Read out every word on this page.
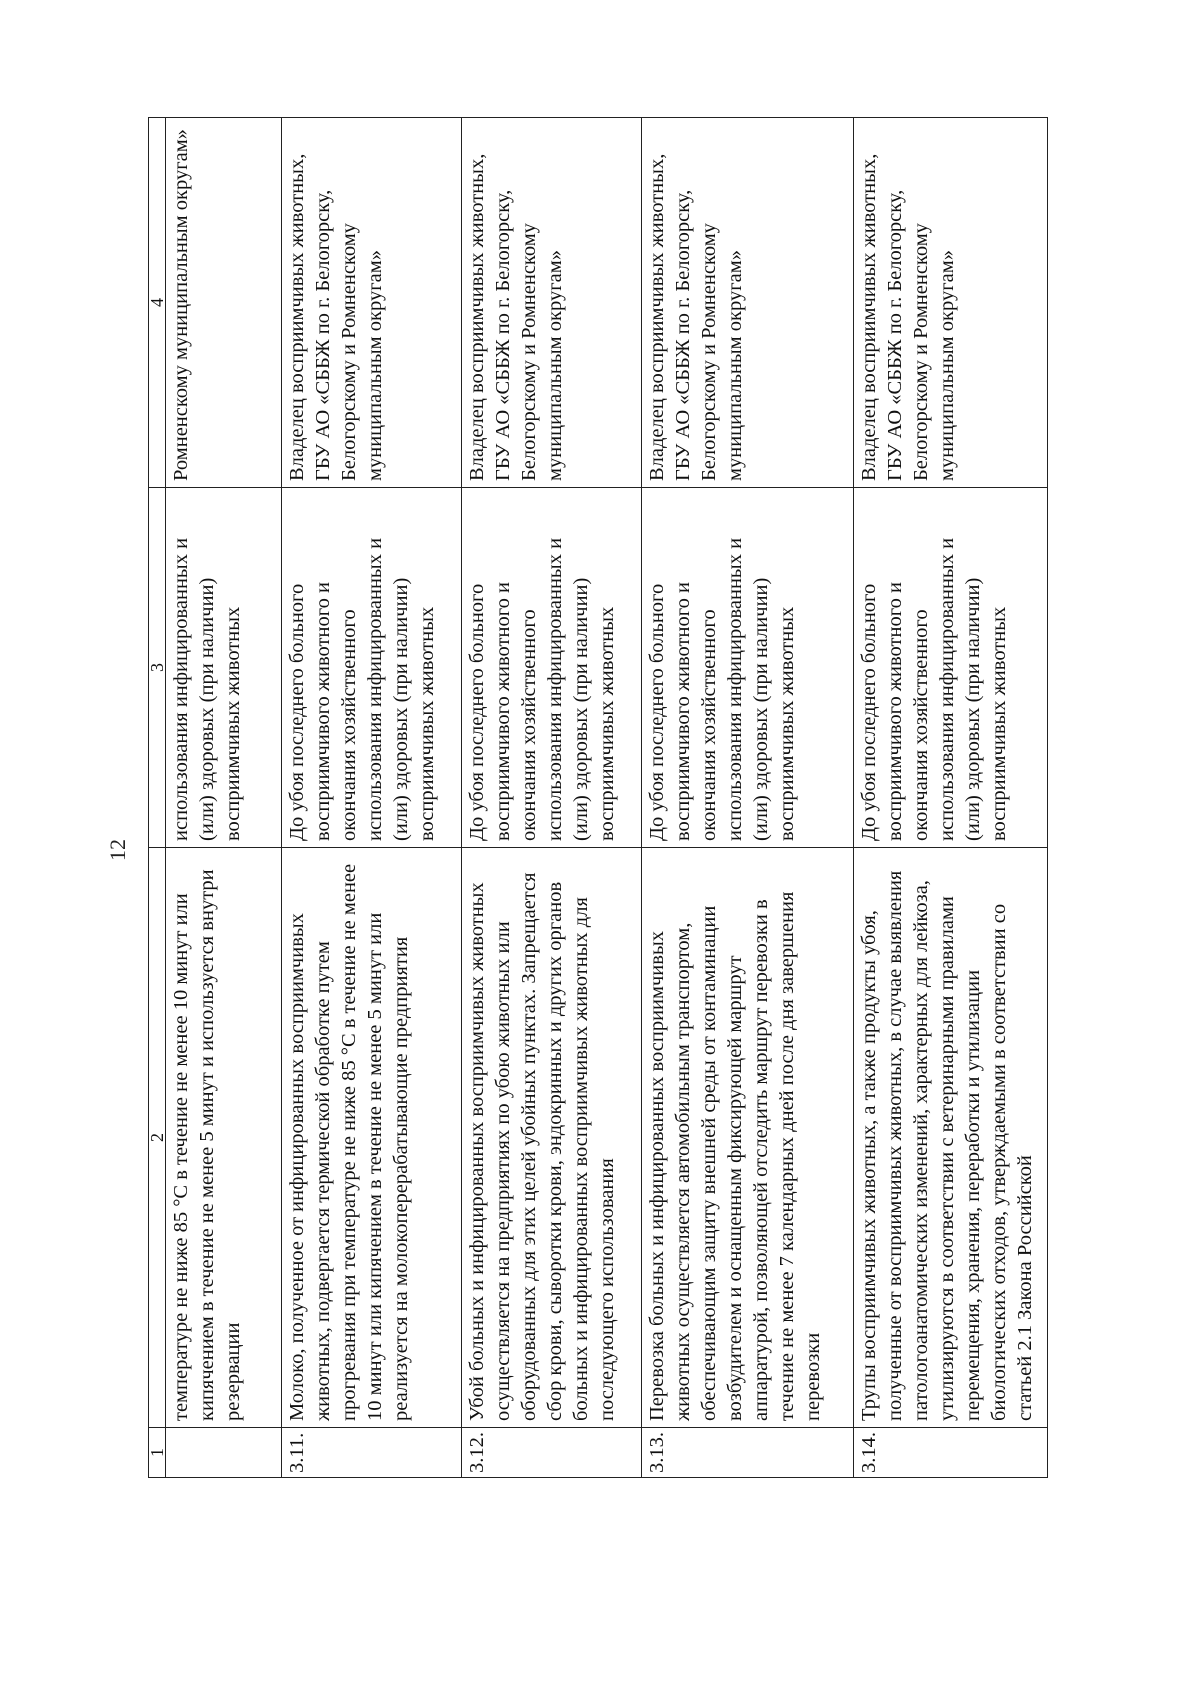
12
1	2	3	4
	температуре не ниже 85 °С в течение не менее 10 минут или кипячением в течение не менее 5 минут и используется внутри резервации	использования инфицированных и (или) здоровых (при наличии) восприимчивых животных	Ромненскому муниципальным округам»
3.11.	Молоко, полученное от инфицированных восприимчивых животных, подвергается термической обработке путем прогревания при температуре не ниже 85 °С в течение не менее 10 минут или кипячением в течение не менее 5 минут или реализуется на молокоперерабатывающие предприятия	До убоя последнего больного восприимчивого животного и окончания хозяйственного использования инфицированных и (или) здоровых (при наличии) восприимчивых животных	Владелец восприимчивых животных, ГБУ АО «СББЖ по г. Белогорску, Белогорскому и Ромненскому муниципальным округам»
3.12.	Убой больных и инфицированных восприимчивых животных осуществляется на предприятиях по убою животных или оборудованных для этих целей убойных пунктах. Запрещается сбор крови, сыворотки крови, эндокринных и других органов больных и инфицированных восприимчивых животных для последующего использования	До убоя последнего больного восприимчивого животного и окончания хозяйственного использования инфицированных и (или) здоровых (при наличии) восприимчивых животных	Владелец восприимчивых животных, ГБУ АО «СББЖ по г. Белогорску, Белогорскому и Ромненскому муниципальным округам»
3.13.	Перевозка больных и инфицированных восприимчивых животных осуществляется автомобильным транспортом, обеспечивающим защиту внешней среды от контаминации возбудителем и оснащенным фиксирующей маршрут аппаратурой, позволяющей отследить маршрут перевозки в течение не менее 7 календарных дней после дня завершения перевозки	До убоя последнего больного восприимчивого животного и окончания хозяйственного использования инфицированных и (или) здоровых (при наличии) восприимчивых животных	Владелец восприимчивых животных, ГБУ АО «СББЖ по г. Белогорску, Белогорскому и Ромненскому муниципальным округам»
3.14.	Трупы восприимчивых животных, а также продукты убоя, полученные от восприимчивых животных, в случае выявления патологоанатомических изменений, характерных для лейкоза, утилизируются в соответствии с ветеринарными правилами перемещения, хранения, переработки и утилизации биологических отходов, утверждаемыми в соответствии со статьей 2.1 Закона Российской	До убоя последнего больного восприимчивого животного и окончания хозяйственного использования инфицированных и (или) здоровых (при наличии) восприимчивых животных	Владелец восприимчивых животных, ГБУ АО «СББЖ по г. Белогорску, Белогорскому и Ромненскому муниципальным округам»
